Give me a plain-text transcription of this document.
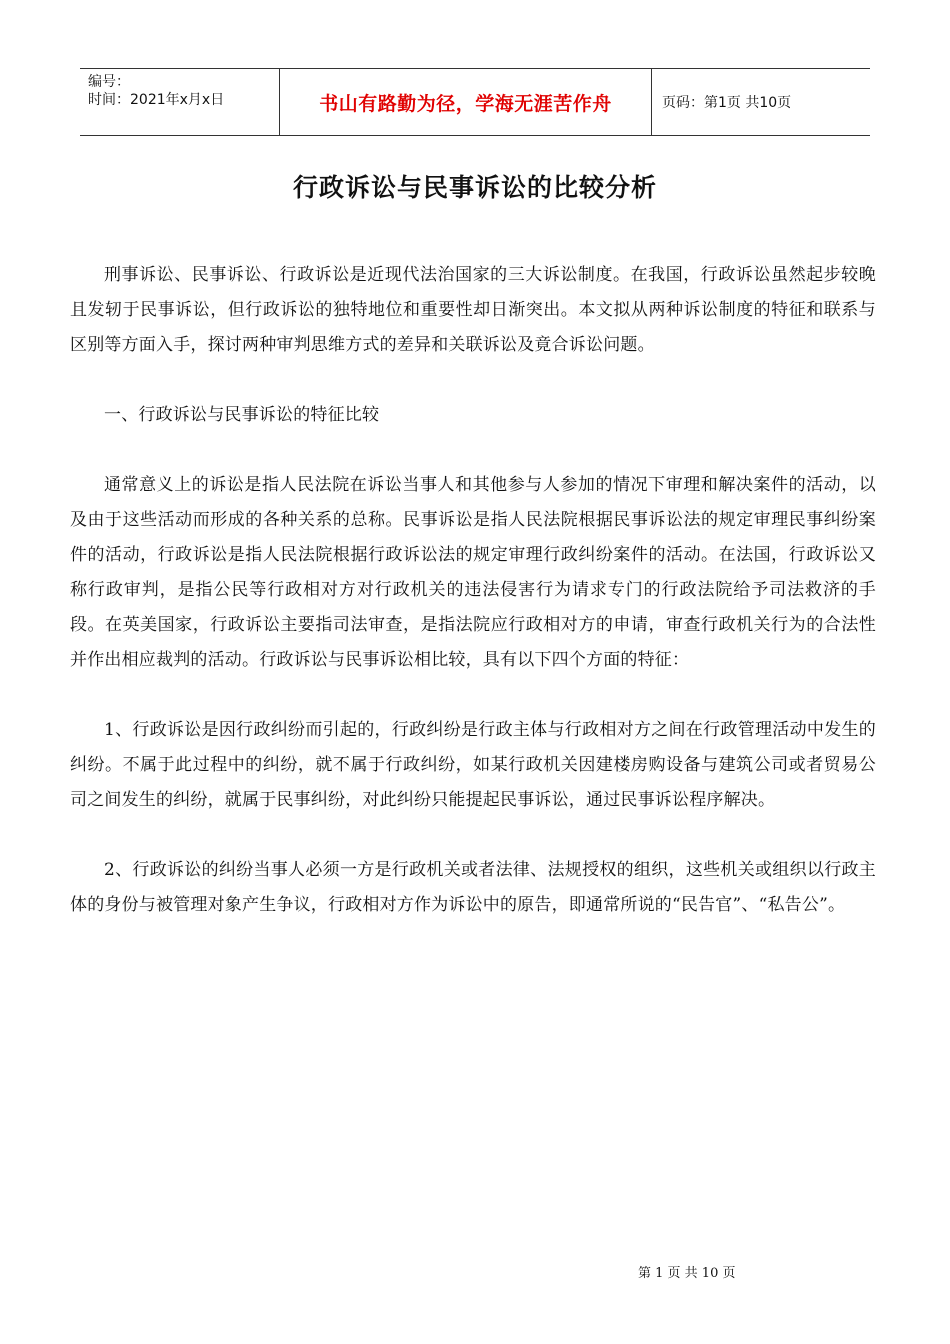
编号：
时间：2021年x月x日	书山有路勤为径，学海无涯苦作舟	页码：第1页 共10页
行政诉讼与民事诉讼的比较分析

刑事诉讼、民事诉讼、行政诉讼是近现代法治国家的三大诉讼制度。在我国，行政诉讼虽然起步较晚且发轫于民事诉讼，但行政诉讼的独特地位和重要性却日渐突出。本文拟从两种诉讼制度的特征和联系与区别等方面入手，探讨两种审判思维方式的差异和关联诉讼及竟合诉讼问题。

一、行政诉讼与民事诉讼的特征比较

通常意义上的诉讼是指人民法院在诉讼当事人和其他参与人参加的情况下审理和解决案件的活动，以及由于这些活动而形成的各种关系的总称。民事诉讼是指人民法院根据民事诉讼法的规定审理民事纠纷案件的活动，行政诉讼是指人民法院根据行政诉讼法的规定审理行政纠纷案件的活动。在法国，行政诉讼又称行政审判，是指公民等行政相对方对行政机关的违法侵害行为请求专门的行政法院给予司法救济的手段。在英美国家，行政诉讼主要指司法审查，是指法院应行政相对方的申请，审查行政机关行为的合法性并作出相应裁判的活动。行政诉讼与民事诉讼相比较，具有以下四个方面的特征：

1、行政诉讼是因行政纠纷而引起的，行政纠纷是行政主体与行政相对方之间在行政管理活动中发生的纠纷。不属于此过程中的纠纷，就不属于行政纠纷，如某行政机关因建楼房购设备与建筑公司或者贸易公司之间发生的纠纷，就属于民事纠纷，对此纠纷只能提起民事诉讼，通过民事诉讼程序解决。

2、行政诉讼的纠纷当事人必须一方是行政机关或者法律、法规授权的组织，这些机关或组织以行政主体的身份与被管理对象产生争议，行政相对方作为诉讼中的原告，即通常所说的“民告官”、“私告公”。

第 1 页 共 10 页
